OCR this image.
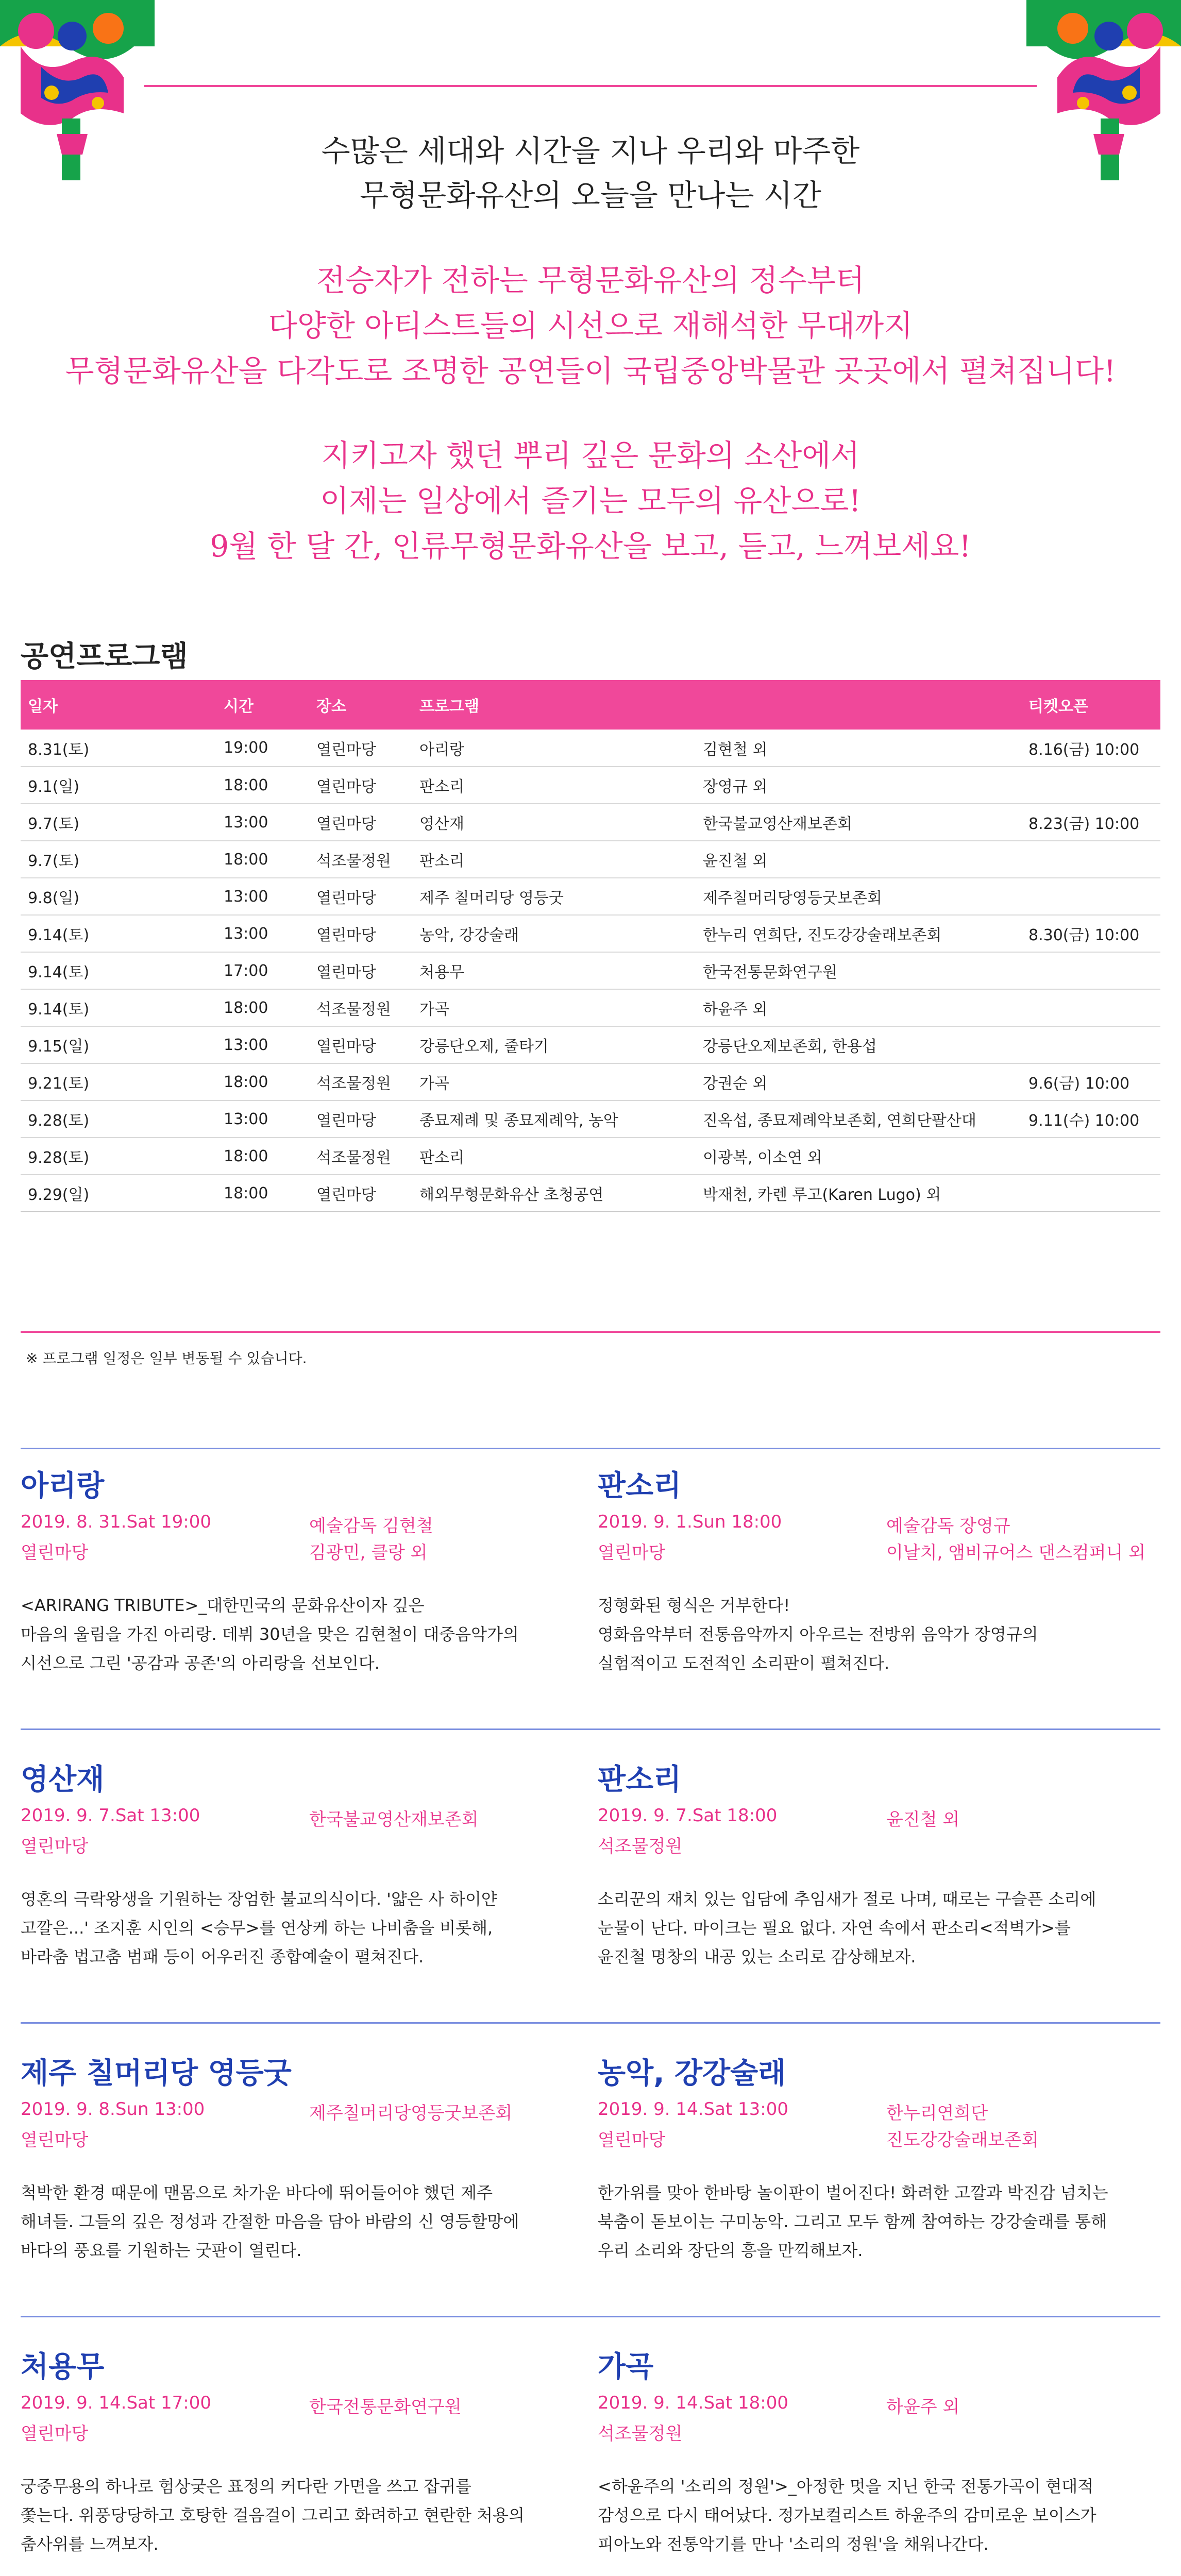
수많은 세대와 시간을 지나 우리와 마주한
무형문화유산의 오늘을 만나는 시간
전승자가 전하는 무형문화유산의 정수부터
다양한 아티스트들의 시선으로 재해석한 무대까지
무형문화유산을 다각도로 조명한 공연들이 국립중앙박물관 곳곳에서 펼쳐집니다!
지키고자 했던 뿌리 깊은 문화의 소산에서
이제는 일상에서 즐기는 모두의 유산으로!
9월 한 달 간, 인류무형문화유산을 보고, 듣고, 느껴보세요!
공연프로그램
일자	시간	장소	프로그램		티켓오픈
8.31(토)	19:00	열린마당	아리랑	김현철 외	8.16(금) 10:00
9.1(일)	18:00	열린마당	판소리	장영규 외	
9.7(토)	13:00	열린마당	영산재	한국불교영산재보존회	8.23(금) 10:00
9.7(토)	18:00	석조물정원	판소리	윤진철 외	
9.8(일)	13:00	열린마당	제주 칠머리당 영등굿	제주칠머리당영등굿보존회	
9.14(토)	13:00	열린마당	농악, 강강술래	한누리 연희단, 진도강강술래보존회	8.30(금) 10:00
9.14(토)	17:00	열린마당	처용무	한국전통문화연구원	
9.14(토)	18:00	석조물정원	가곡	하윤주 외	
9.15(일)	13:00	열린마당	강릉단오제, 줄타기	강릉단오제보존회, 한용섭	
9.21(토)	18:00	석조물정원	가곡	강권순 외	9.6(금) 10:00
9.28(토)	13:00	열린마당	종묘제례 및 종묘제례악, 농악	진옥섭, 종묘제례악보존회, 연희단팔산대	9.11(수) 10:00
9.28(토)	18:00	석조물정원	판소리	이광복, 이소연 외	
9.29(일)	18:00	열린마당	해외무형문화유산 초청공연	박재천, 카렌 루고(Karen Lugo) 외	

※ 프로그램 일정은 일부 변동될 수 있습니다.

아리랑
2019. 8. 31.Sat 19:00
열린마당
예술감독 김현철
김광민, 클랑 외
<ARIRANG TRIBUTE>_대한민국의 문화유산이자 깊은
마음의 울림을 가진 아리랑. 데뷔 30년을 맞은 김현철이 대중음악가의
시선으로 그린 '공감과 공존'의 아리랑을 선보인다.
판소리
2019. 9. 1.Sun 18:00
열린마당
예술감독 장영규
이날치, 앰비규어스 댄스컴퍼니 외
정형화된 형식은 거부한다!
영화음악부터 전통음악까지 아우르는 전방위 음악가 장영규의
실험적이고 도전적인 소리판이 펼쳐진다.
영산재
2019. 9. 7.Sat 13:00
열린마당
한국불교영산재보존회
영혼의 극락왕생을 기원하는 장엄한 불교의식이다. '얇은 사 하이얀
고깔은...' 조지훈 시인의 <승무>를 연상케 하는 나비춤을 비롯해,
바라춤 법고춤 범패 등이 어우러진 종합예술이 펼쳐진다.
판소리
2019. 9. 7.Sat 18:00
석조물정원
윤진철 외
소리꾼의 재치 있는 입담에 추임새가 절로 나며, 때로는 구슬픈 소리에
눈물이 난다. 마이크는 필요 없다. 자연 속에서 판소리<적벽가>를
윤진철 명창의 내공 있는 소리로 감상해보자.
제주 칠머리당 영등굿
2019. 9. 8.Sun 13:00
열린마당
제주칠머리당영등굿보존회
척박한 환경 때문에 맨몸으로 차가운 바다에 뛰어들어야 했던 제주
해녀들. 그들의 깊은 정성과 간절한 마음을 담아 바람의 신 영등할망에
바다의 풍요를 기원하는 굿판이 열린다.
농악, 강강술래
2019. 9. 14.Sat 13:00
열린마당
한누리연희단
진도강강술래보존회
한가위를 맞아 한바탕 놀이판이 벌어진다! 화려한 고깔과 박진감 넘치는
북춤이 돋보이는 구미농악. 그리고 모두 함께 참여하는 강강술래를 통해
우리 소리와 장단의 흥을 만끽해보자.
처용무
2019. 9. 14.Sat 17:00
열린마당
한국전통문화연구원
궁중무용의 하나로 험상궂은 표정의 커다란 가면을 쓰고 잡귀를
쫓는다. 위풍당당하고 호탕한 걸음걸이 그리고 화려하고 현란한 처용의
춤사위를 느껴보자.
가곡
2019. 9. 14.Sat 18:00
석조물정원
하윤주 외
<하윤주의 '소리의 정원'>_아정한 멋을 지닌 한국 전통가곡이 현대적
감성으로 다시 태어났다. 정가보컬리스트 하윤주의 감미로운 보이스가
피아노와 전통악기를 만나 '소리의 정원'을 채워나간다.
